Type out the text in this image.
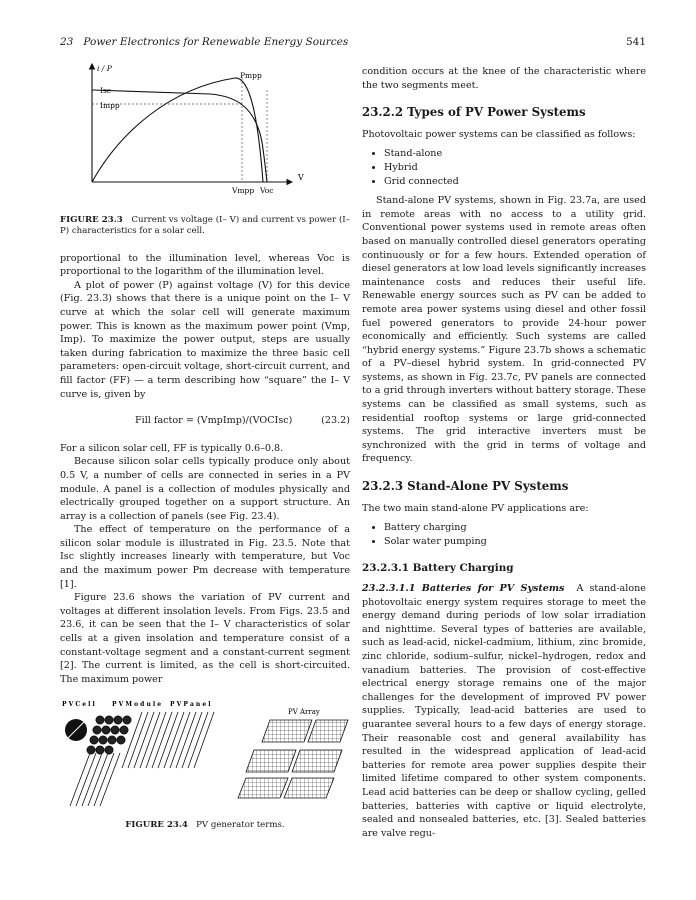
23 Power Electronics for Renewable Energy Sources	541
i / P
Pmpp
Isc
Impp
V
Vmpp Voc

FIGURE 23.3 Current vs voltage (I– V) and current vs power (I– P) characteristics for a solar cell.

proportional to the illumination level, whereas Voc is proportional to the logarithm of the illumination level.

A plot of power (P) against voltage (V) for this device (Fig. 23.3) shows that there is a unique point on the I– V curve at which the solar cell will generate maximum power. This is known as the maximum power point (Vmp, Imp). To maximize the power output, steps are usually taken during fabrication to maximize the three basic cell parameters: open-circuit voltage, short-circuit current, and fill factor (FF) — a term describing how “square” the I– V curve is, given by

Fill factor = (VmpImp)/(VOCIsc)	(23.2)

For a silicon solar cell, FF is typically 0.6–0.8.

Because silicon solar cells typically produce only about 0.5 V, a number of cells are connected in series in a PV module. A panel is a collection of modules physically and electrically grouped together on a support structure. An array is a collection of panels (see Fig. 23.4).

The effect of temperature on the performance of a silicon solar module is illustrated in Fig. 23.5. Note that Isc slightly increases linearly with temperature, but Voc and the maximum power Pm decrease with temperature [1].

Figure 23.6 shows the variation of PV current and voltages at different insolation levels. From Figs. 23.5 and 23.6, it can be seen that the I– V characteristics of solar cells at a given insolation and temperature consist of a constant-voltage segment and a constant-current segment [2]. The current is limited, as the cell is short-circuited. The maximum power

P V C e l l	P V M o d u l e P V P a n e l
PV Array

FIGURE 23.4 PV generator terms.

condition occurs at the knee of the characteristic where the two segments meet.

23.2.2 Types of PV Power Systems

Photovoltaic power systems can be classified as follows:

• Stand-alone
• Hybrid
• Grid connected

Stand-alone PV systems, shown in Fig. 23.7a, are used in remote areas with no access to a utility grid. Conventional power systems used in remote areas often based on manually controlled diesel generators operating continuously or for a few hours. Extended operation of diesel generators at low load levels significantly increases maintenance costs and reduces their useful life. Renewable energy sources such as PV can be added to remote area power systems using diesel and other fossil fuel powered generators to provide 24-hour power economically and efficiently. Such systems are called “hybrid energy systems.” Figure 23.7b shows a schematic of a PV–diesel hybrid system. In grid-connected PV systems, as shown in Fig. 23.7c, PV panels are connected to a grid through inverters without battery storage. These systems can be classified as small systems, such as residential rooftop systems or large grid-connected systems. The grid interactive inverters must be synchronized with the grid in terms of voltage and frequency.

23.2.3 Stand-Alone PV Systems

The two main stand-alone PV applications are:

• Battery charging
• Solar water pumping
23.2.3.1 Battery Charging

23.2.3.1.1 Batteries for PV Systems A stand-alone photovoltaic energy system requires storage to meet the energy demand during periods of low solar irradiation and nighttime. Several types of batteries are available, such as lead-acid, nickel-cadmium, lithium, zinc bromide, zinc chloride, sodium–sulfur, nickel–hydrogen, redox and vanadium batteries. The provision of cost-effective electrical energy storage remains one of the major challenges for the development of improved PV power supplies. Typically, lead-acid batteries are used to guarantee several hours to a few days of energy storage. Their reasonable cost and general availability has resulted in the widespread application of lead-acid batteries for remote area power supplies despite their limited lifetime compared to other system components. Lead acid batteries can be deep or shallow cycling, gelled batteries, batteries with captive or liquid electrolyte, sealed and nonsealed batteries, etc. [3]. Sealed batteries are valve regu-
